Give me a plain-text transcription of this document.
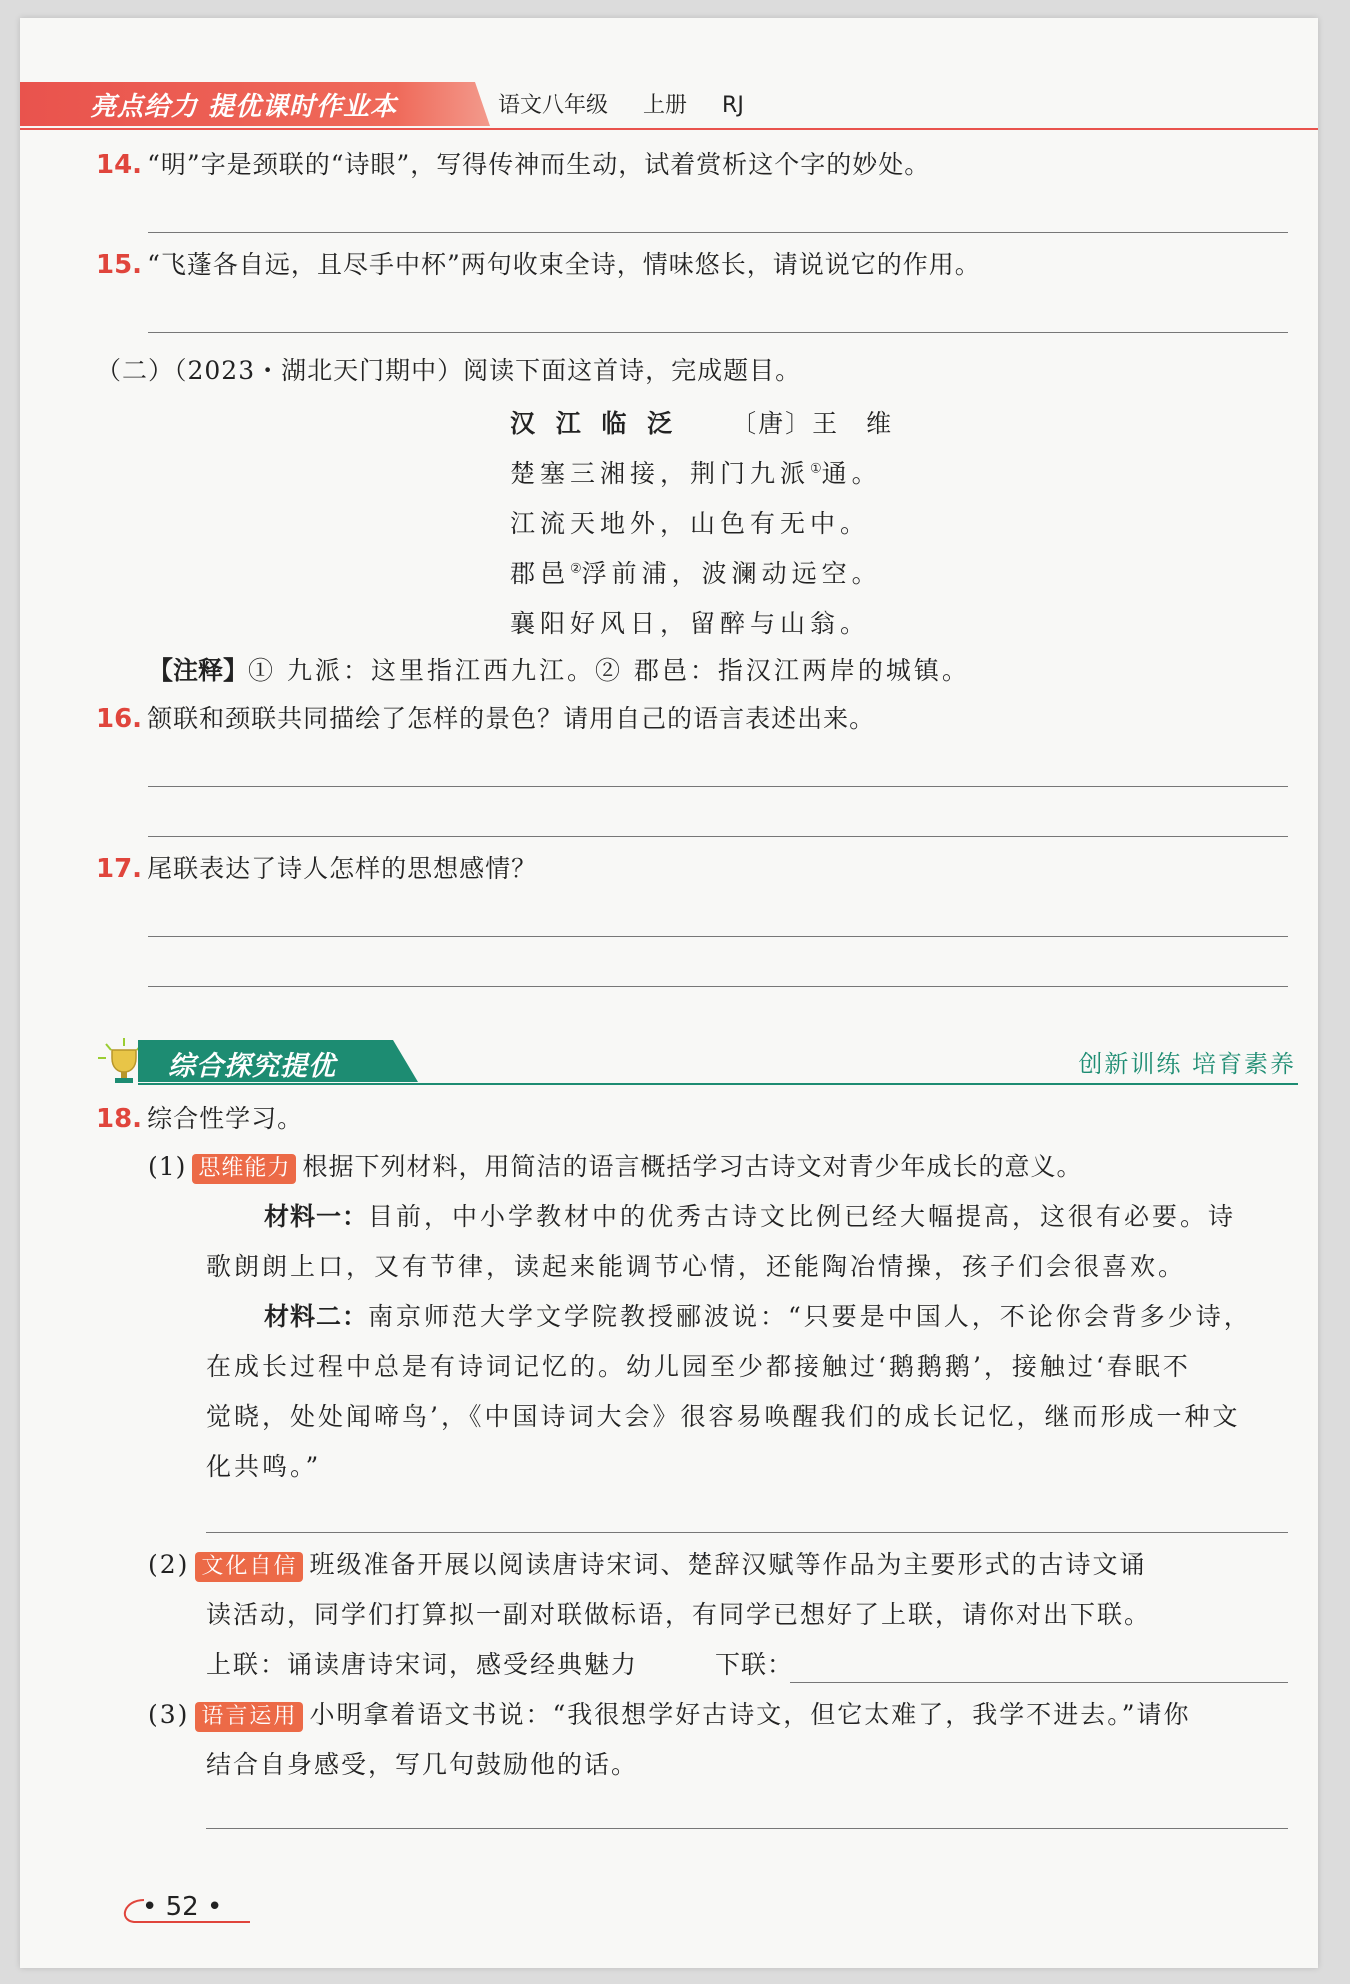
亮点给力 提优课时作业本	语文八年级 上册 RJ
14. “明”字是颈联的“诗眼”，写得传神而生动，试着赏析这个字的妙处。
15. “飞蓬各自远，且尽手中杯”两句收束全诗，情味悠长，请说说它的作用。
（二）（2023・湖北天门期中）阅读下面这首诗，完成题目。
汉 江 临 泛 〔唐〕王　维
楚塞三湘接，荆门九派①通。
江流天地外，山色有无中。
郡邑②浮前浦，波澜动远空。
襄阳好风日，留醉与山翁。
【注释】① 九派：这里指江西九江。② 郡邑：指汉江两岸的城镇。
16. 颔联和颈联共同描绘了怎样的景色？请用自己的语言表述出来。
17. 尾联表达了诗人怎样的思想感情？
综合探究提优	创新训练 培育素养
18. 综合性学习。
(1) 思维能力 根据下列材料，用简洁的语言概括学习古诗文对青少年成长的意义。
材料一：目前，中小学教材中的优秀古诗文比例已经大幅提高，这很有必要。诗
歌朗朗上口，又有节律，读起来能调节心情，还能陶冶情操，孩子们会很喜欢。
材料二：南京师范大学文学院教授郦波说：“只要是中国人，不论你会背多少诗，
在成长过程中总是有诗词记忆的。幼儿园至少都接触过‘鹅鹅鹅’，接触过‘春眠不
觉晓，处处闻啼鸟’，《中国诗词大会》很容易唤醒我们的成长记忆，继而形成一种文
化共鸣。”
(2) 文化自信 班级准备开展以阅读唐诗宋词、楚辞汉赋等作品为主要形式的古诗文诵
读活动，同学们打算拟一副对联做标语，有同学已想好了上联，请你对出下联。
上联：诵读唐诗宋词，感受经典魅力	下联：
(3) 语言运用 小明拿着语文书说：“我很想学好古诗文，但它太难了，我学不进去。”请你
结合自身感受，写几句鼓励他的话。
• 52 •
